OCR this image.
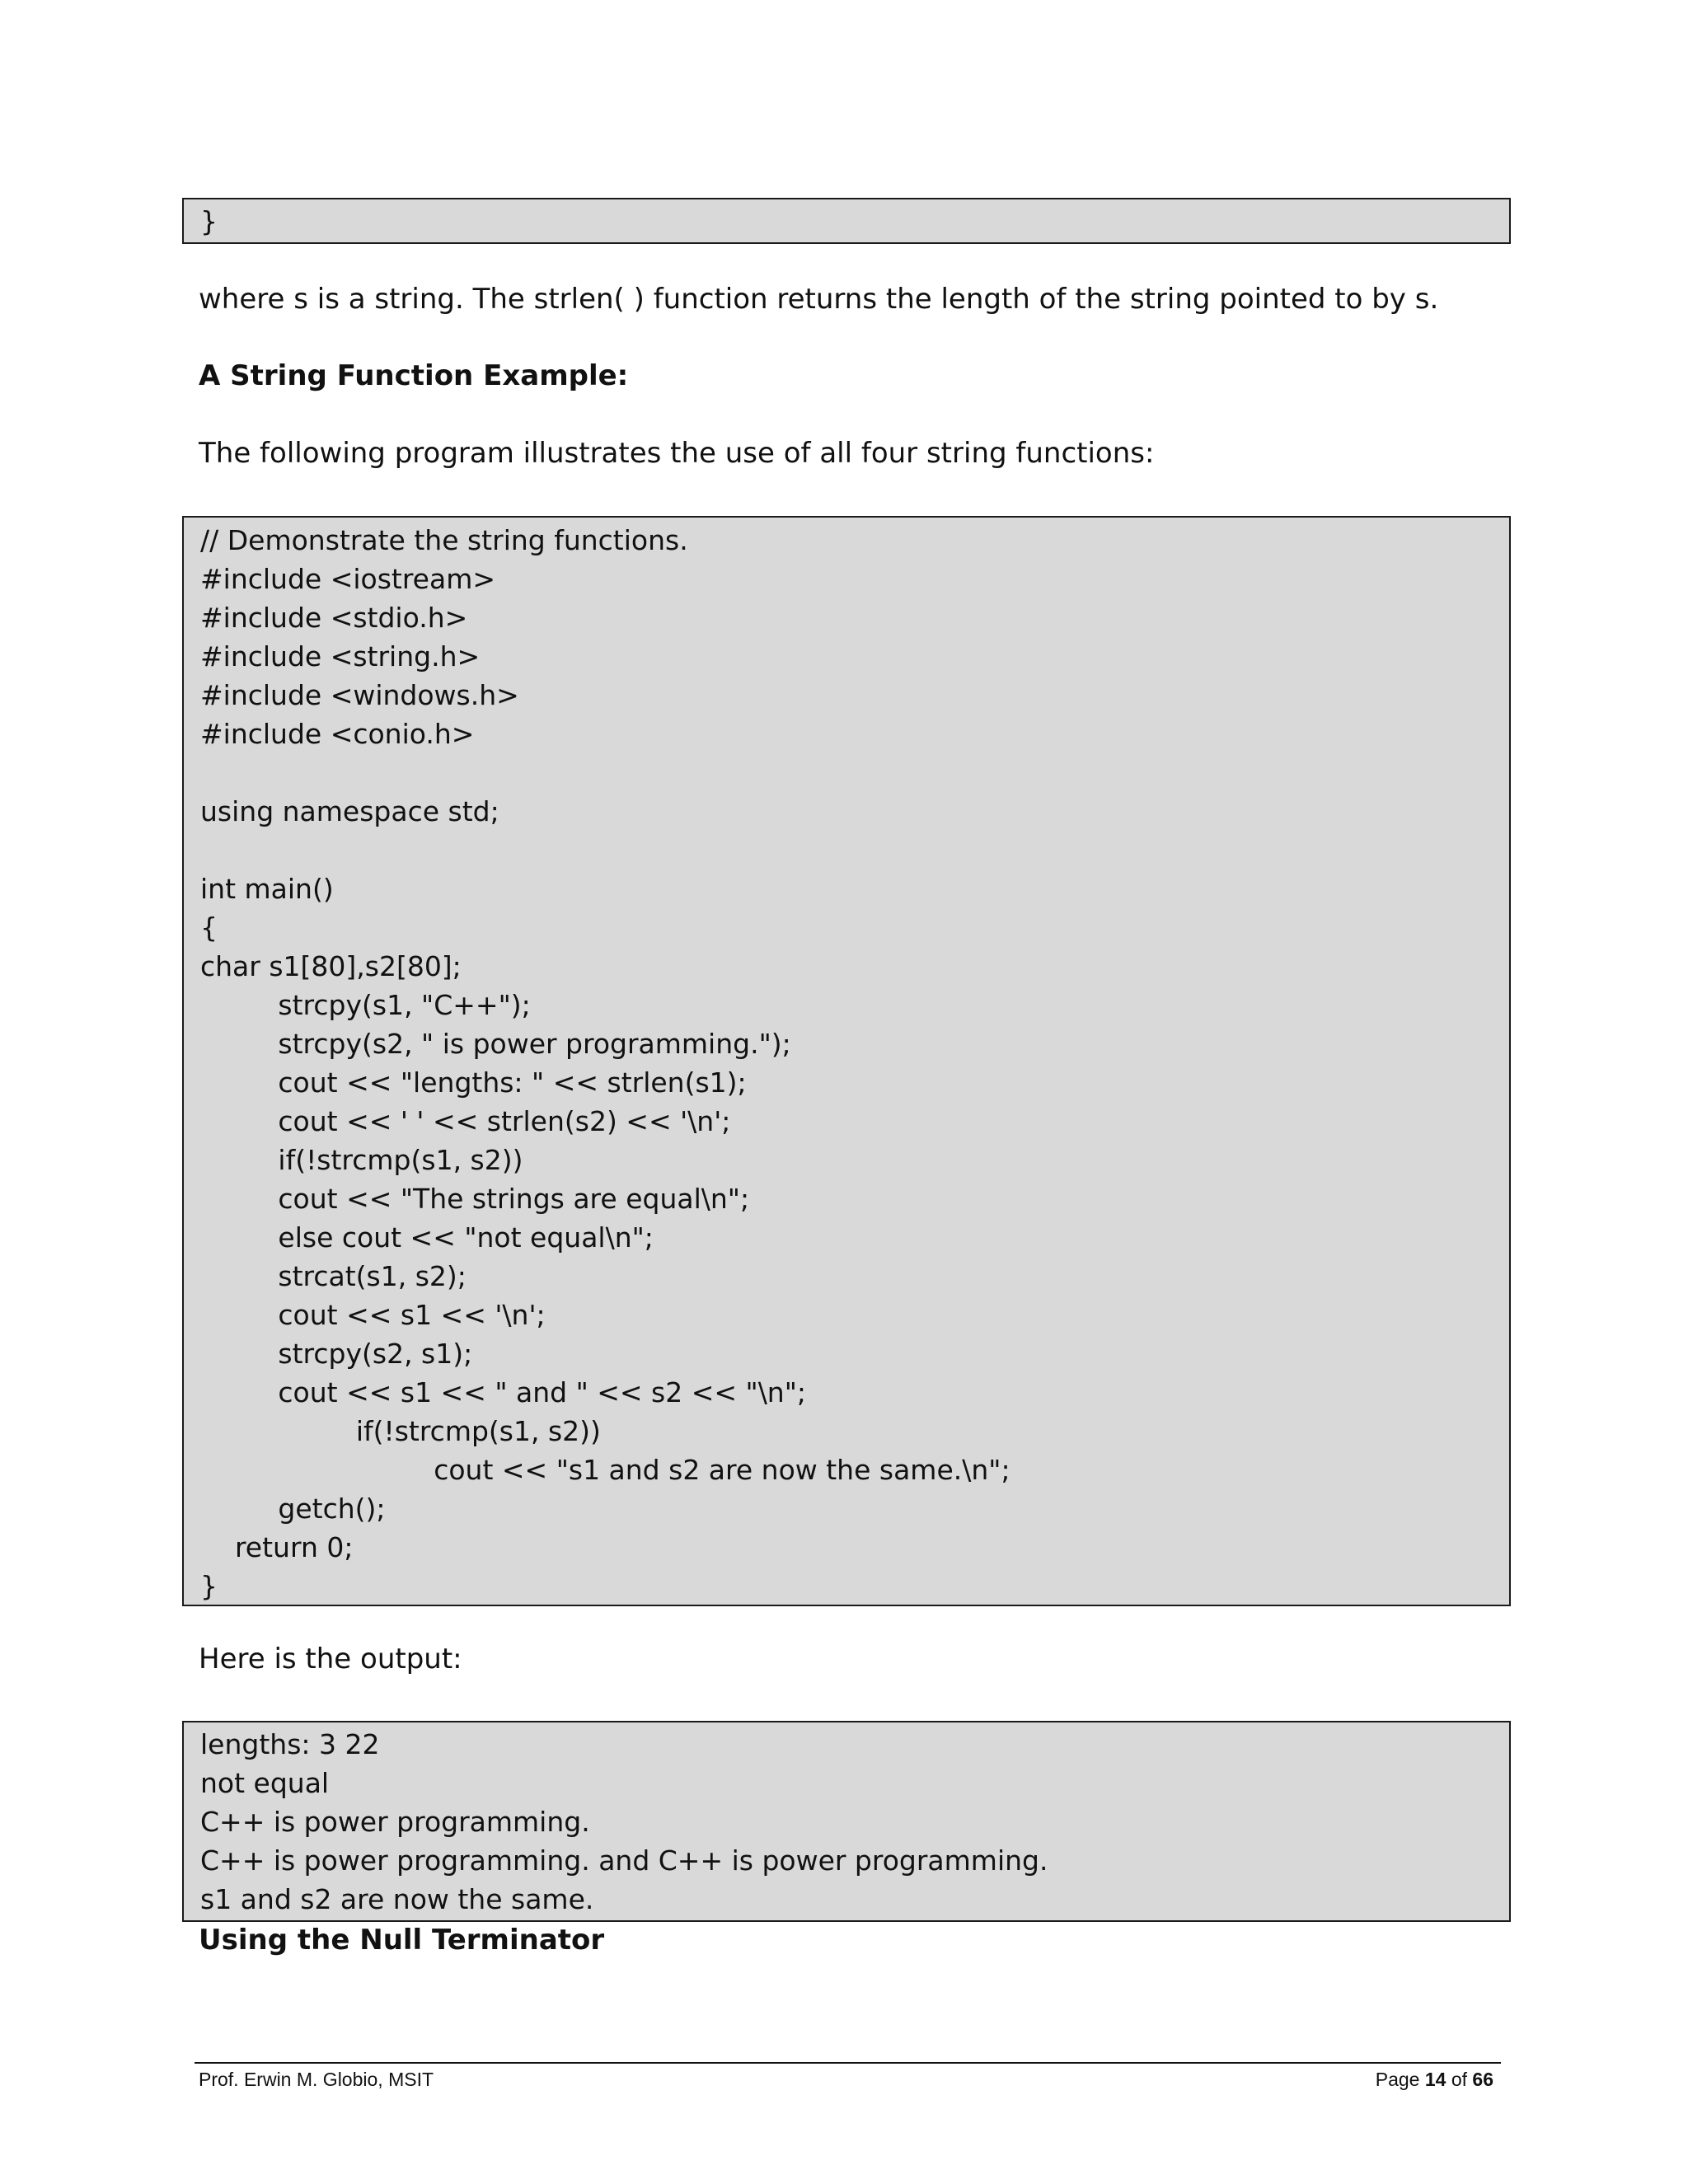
}

where s is a string. The strlen( ) function returns the length of the string pointed to by s.

A String Function Example:

The following program illustrates the use of all four string functions:

// Demonstrate the string functions.
#include <iostream>
#include <stdio.h>
#include <string.h>
#include <windows.h>
#include <conio.h>
using namespace std;
int main()
{
char s1[80],s2[80];
strcpy(s1, "C++");
strcpy(s2, " is power programming.");
cout << "lengths: " << strlen(s1);
cout << ' ' << strlen(s2) << '\n';
if(!strcmp(s1, s2))
cout << "The strings are equal\n";
else cout << "not equal\n";
strcat(s1, s2);
cout << s1 << '\n';
strcpy(s2, s1);
cout << s1 << " and " << s2 << "\n";
if(!strcmp(s1, s2))
cout << "s1 and s2 are now the same.\n";
getch();
return 0;
}

Here is the output:

lengths: 3 22
not equal
C++ is power programming.
C++ is power programming. and C++ is power programming.
s1 and s2 are now the same.

Using the Null Terminator

Prof. Erwin M. Globio, MSIT	Page 14 of 66
